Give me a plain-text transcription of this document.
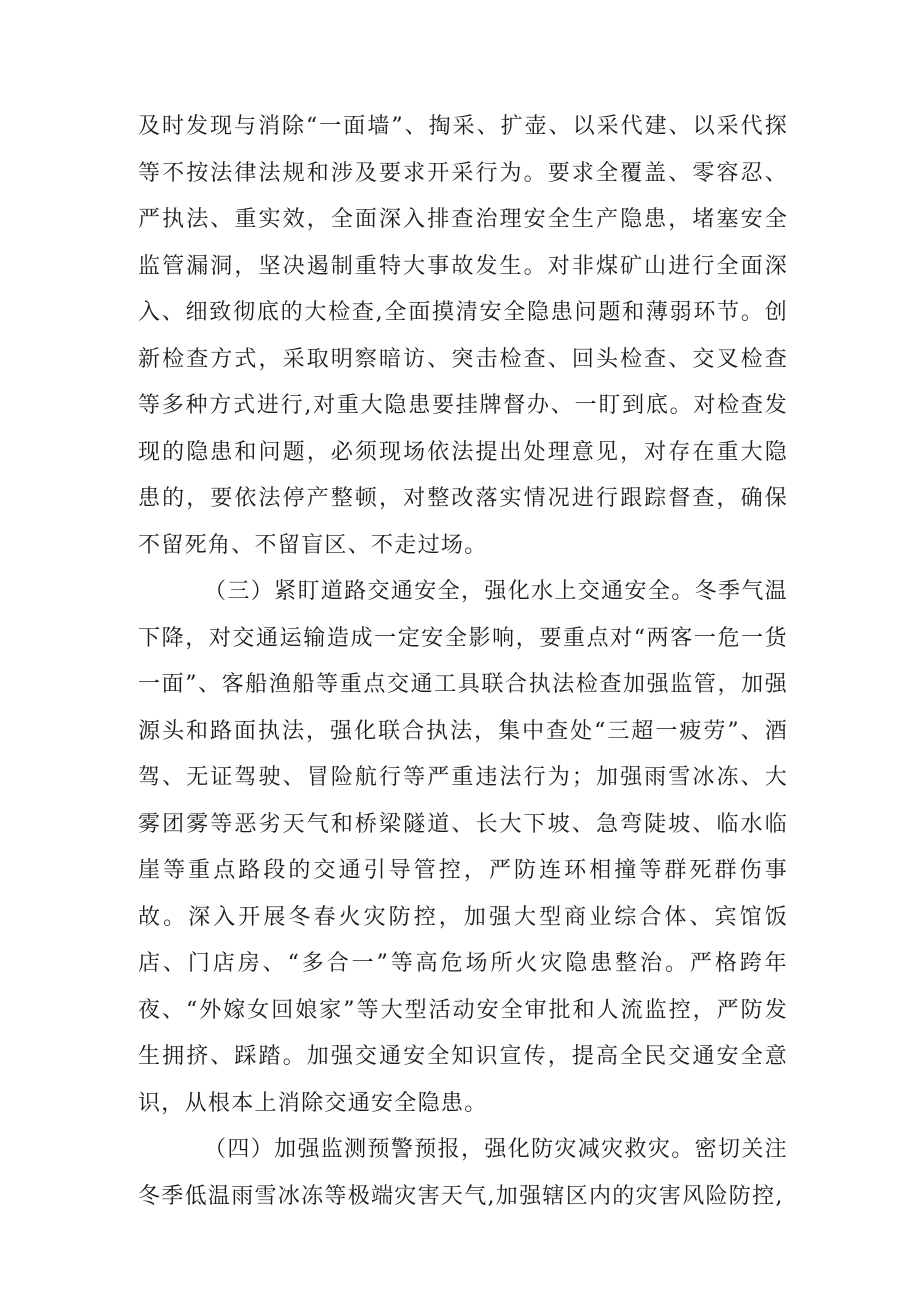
及时发现与消除“一面墙”、掏采、扩壶、以采代建、以采代探等不按法律法规和涉及要求开采行为。要求全覆盖、零容忍、严执法、重实效，全面深入排查治理安全生产隐患，堵塞安全监管漏洞，坚决遏制重特大事故发生。对非煤矿山进行全面深入、细致彻底的大检查,全面摸清安全隐患问题和薄弱环节。创新检查方式，采取明察暗访、突击检查、回头检查、交叉检查等多种方式进行,对重大隐患要挂牌督办、一盯到底。对检查发现的隐患和问题，必须现场依法提出处理意见，对存在重大隐患的，要依法停产整顿，对整改落实情况进行跟踪督查，确保不留死角、不留盲区、不走过场。

（三）紧盯道路交通安全，强化水上交通安全。冬季气温下降，对交通运输造成一定安全影响，要重点对“两客一危一货一面”、客船渔船等重点交通工具联合执法检查加强监管，加强源头和路面执法，强化联合执法，集中查处“三超一疲劳”、酒驾、无证驾驶、冒险航行等严重违法行为；加强雨雪冰冻、大雾团雾等恶劣天气和桥梁隧道、长大下坡、急弯陡坡、临水临崖等重点路段的交通引导管控，严防连环相撞等群死群伤事故。深入开展冬春火灾防控，加强大型商业综合体、宾馆饭店、门店房、“多合一”等高危场所火灾隐患整治。严格跨年夜、“外嫁女回娘家”等大型活动安全审批和人流监控，严防发生拥挤、踩踏。加强交通安全知识宣传，提高全民交通安全意识，从根本上消除交通安全隐患。

（四）加强监测预警预报，强化防灾减灾救灾。密切关注冬季低温雨雪冰冻等极端灾害天气,加强辖区内的灾害风险防控,
